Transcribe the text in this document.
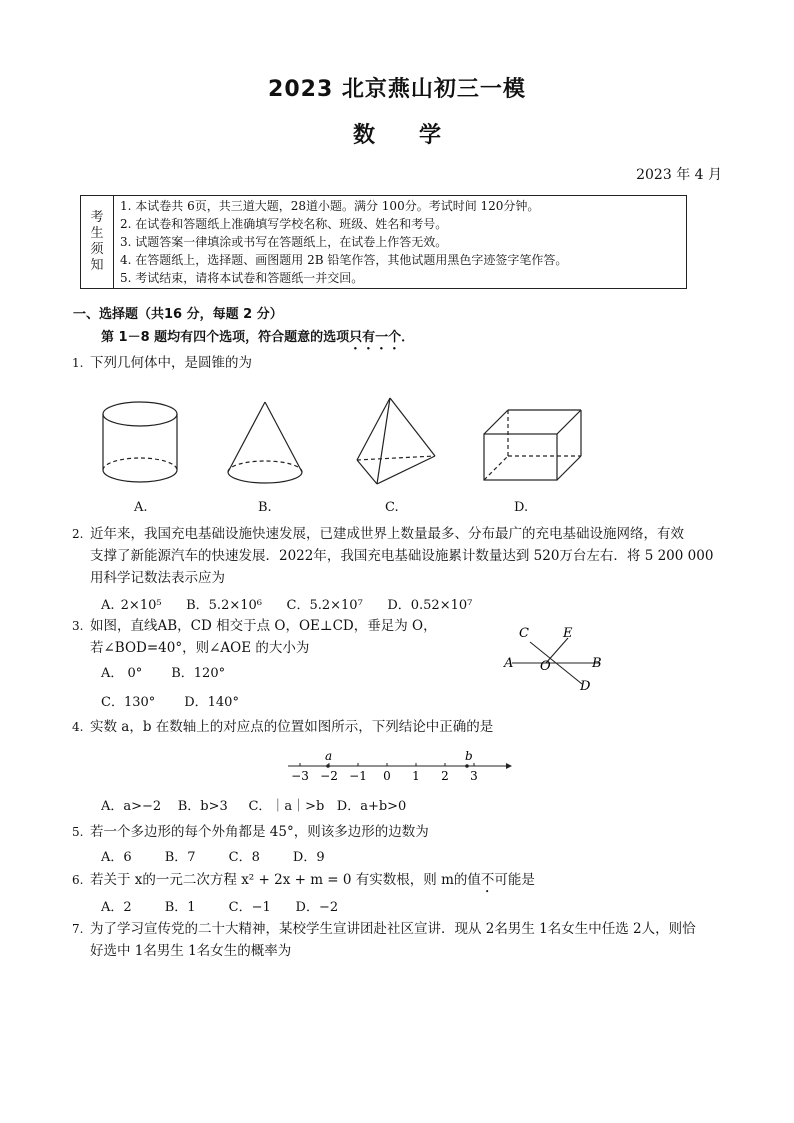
2023 北京燕山初三一模
数 学
2023 年 4 月
考
生
须
知

1. 本试卷共 6页，共三道大题，28道小题。满分 100分。考试时间 120分钟。
2. 在试卷和答题纸上准确填写学校名称、班级、姓名和考号。
3. 试题答案一律填涂或书写在答题纸上，在试卷上作答无效。
4. 在答题纸上，选择题、画图题用 2B 铅笔作答，其他试题用黑色字迹签字笔作答。
5. 考试结束，请将本试卷和答题纸一并交回。
一、选择题（共16 分，每题 2 分）
第 1－8 题均有四个选项，符合题意的选项只有一个．
1. 下列几何体中，是圆锥的为
A.	B.	C.	D.
2. 近年来，我国充电基础设施快速发展，已建成世界上数量最多、分布最广的充电基础设施网络，有效
支撑了新能源汽车的快速发展．2022年，我国充电基础设施累计数量达到 520万台左右．将 5 200 000
用科学记数法表示应为
A. 2×10⁵ B．5.2×10⁶ C．5.2×10⁷ D．0.52×10⁷
3. 如图，直线AB，CD 相交于点 O，OE⊥CD，垂足为 O，
若∠BOD=40°，则∠AOE 的大小为
A． 0° B．120°
C．130° D．140°
C	E
A O	B
D
4. 实数 a，b 在数轴上的对应点的位置如图所示，下列结论中正确的是
−3 −2 −1 0 1 2 3
a	b
A．a>−2 B．b>3 C．｜a｜>b D．a+b>0
5. 若一个多边形的每个外角都是 45°，则该多边形的边数为
A．6	B．7	C．8	D．9
6. 若关于 x的一元二次方程 x² + 2x + m = 0 有实数根，则 m的值不可能是
A．2	B．1	C．−1 D．−2
7. 为了学习宣传党的二十大精神，某校学生宣讲团赴社区宣讲．现从 2名男生 1名女生中任选 2人，则恰
好选中 1名男生 1名女生的概率为
